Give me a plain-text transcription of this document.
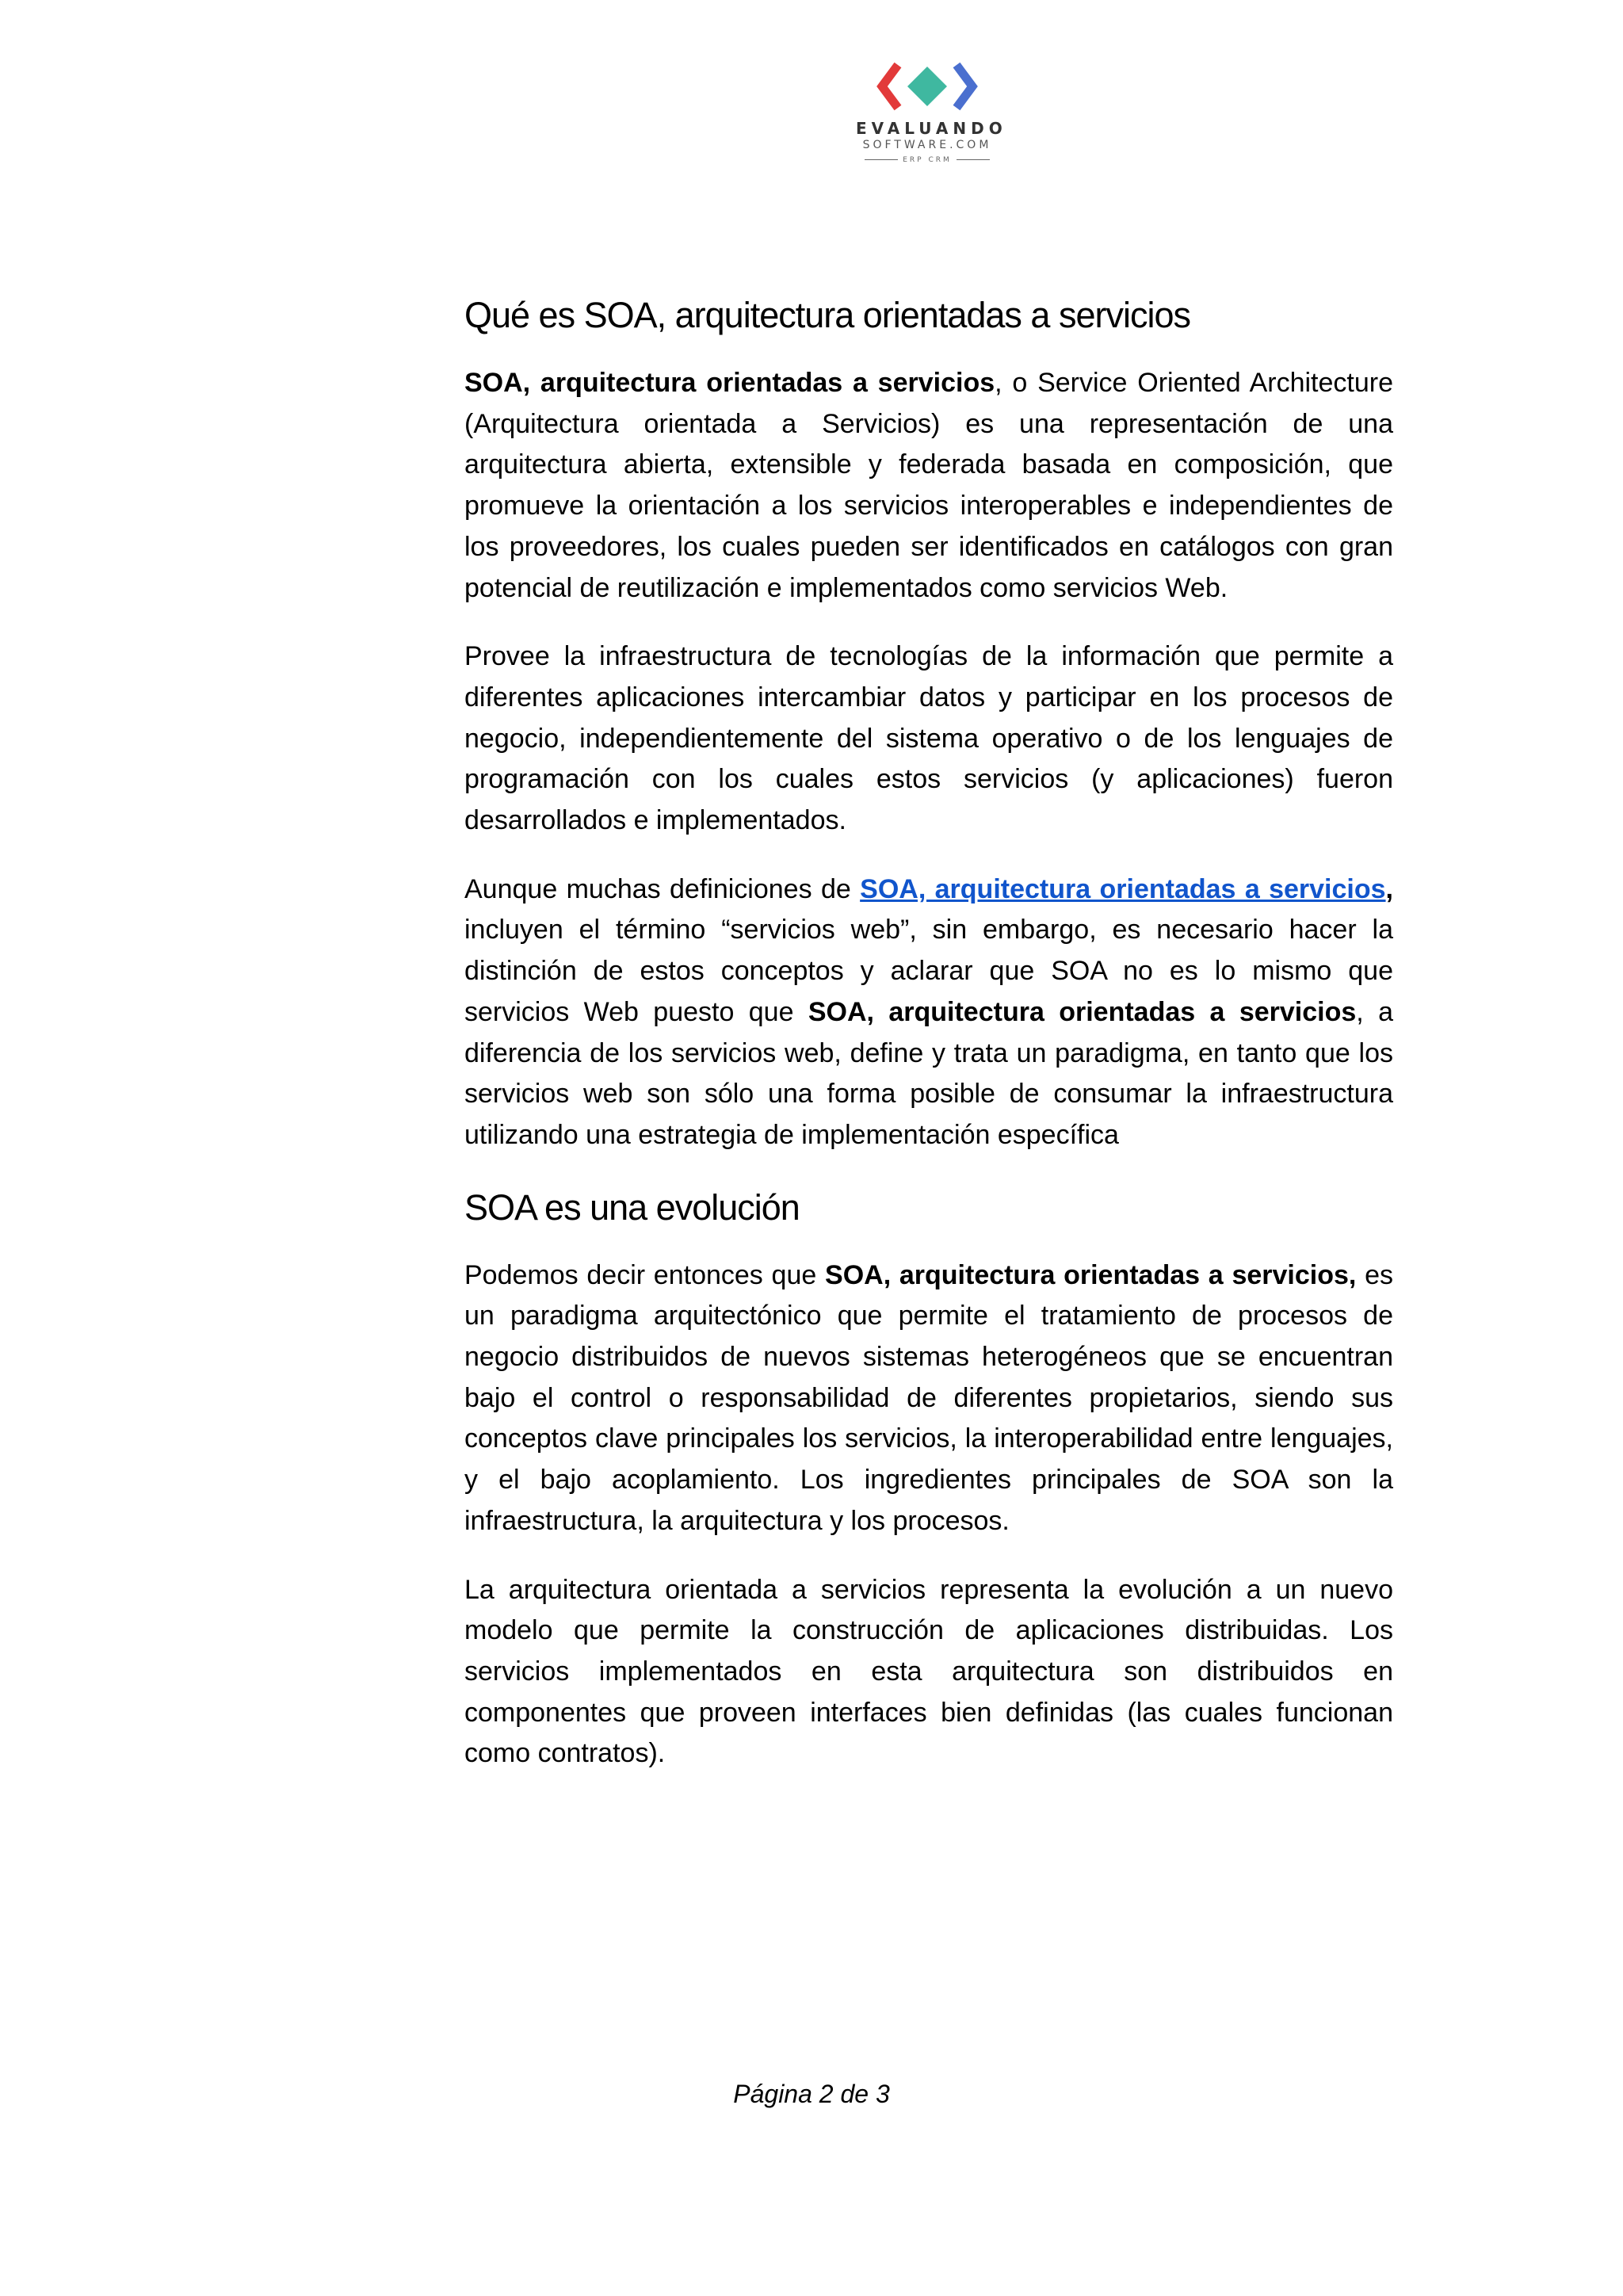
EVALUANDO
SOFTWARE.COM
ERP CRM
Qué es SOA, arquitectura orientadas a servicios

SOA, arquitectura orientadas a servicios, o Service Oriented Architecture (Arquitectura orientada a Servicios) es una representación de una arquitectura abierta, extensible y federada basada en composición, que promueve la orientación a los servicios interoperables e independientes de los proveedores, los cuales pueden ser identificados en catálogos con gran potencial de reutilización e implementados como servicios Web.

Provee la infraestructura de tecnologías de la información que permite a diferentes aplicaciones intercambiar datos y participar en los procesos de negocio, independientemente del sistema operativo o de los lenguajes de programación con los cuales estos servicios (y aplicaciones) fueron desarrollados e implementados.

Aunque muchas definiciones de SOA, arquitectura orientadas a servicios, incluyen el término “servicios web”, sin embargo, es necesario hacer la distinción de estos conceptos y aclarar que SOA no es lo mismo que servicios Web puesto que SOA, arquitectura orientadas a servicios, a diferencia de los servicios web, define y trata un paradigma, en tanto que los servicios web son sólo una forma posible de consumar la infraestructura utilizando una estrategia de implementación específica

SOA es una evolución

Podemos decir entonces que SOA, arquitectura orientadas a servicios, es un paradigma arquitectónico que permite el tratamiento de procesos de negocio distribuidos de nuevos sistemas heterogéneos que se encuentran bajo el control o responsabilidad de diferentes propietarios, siendo sus conceptos clave principales los servicios, la interoperabilidad entre lenguajes, y el bajo acoplamiento. Los ingredientes principales de SOA son la infraestructura, la arquitectura y los procesos.

La arquitectura orientada a servicios representa la evolución a un nuevo modelo que permite la construcción de aplicaciones distribuidas. Los servicios implementados en esta arquitectura son distribuidos en componentes que proveen interfaces bien definidas (las cuales funcionan como contratos).

Página 2 de 3
